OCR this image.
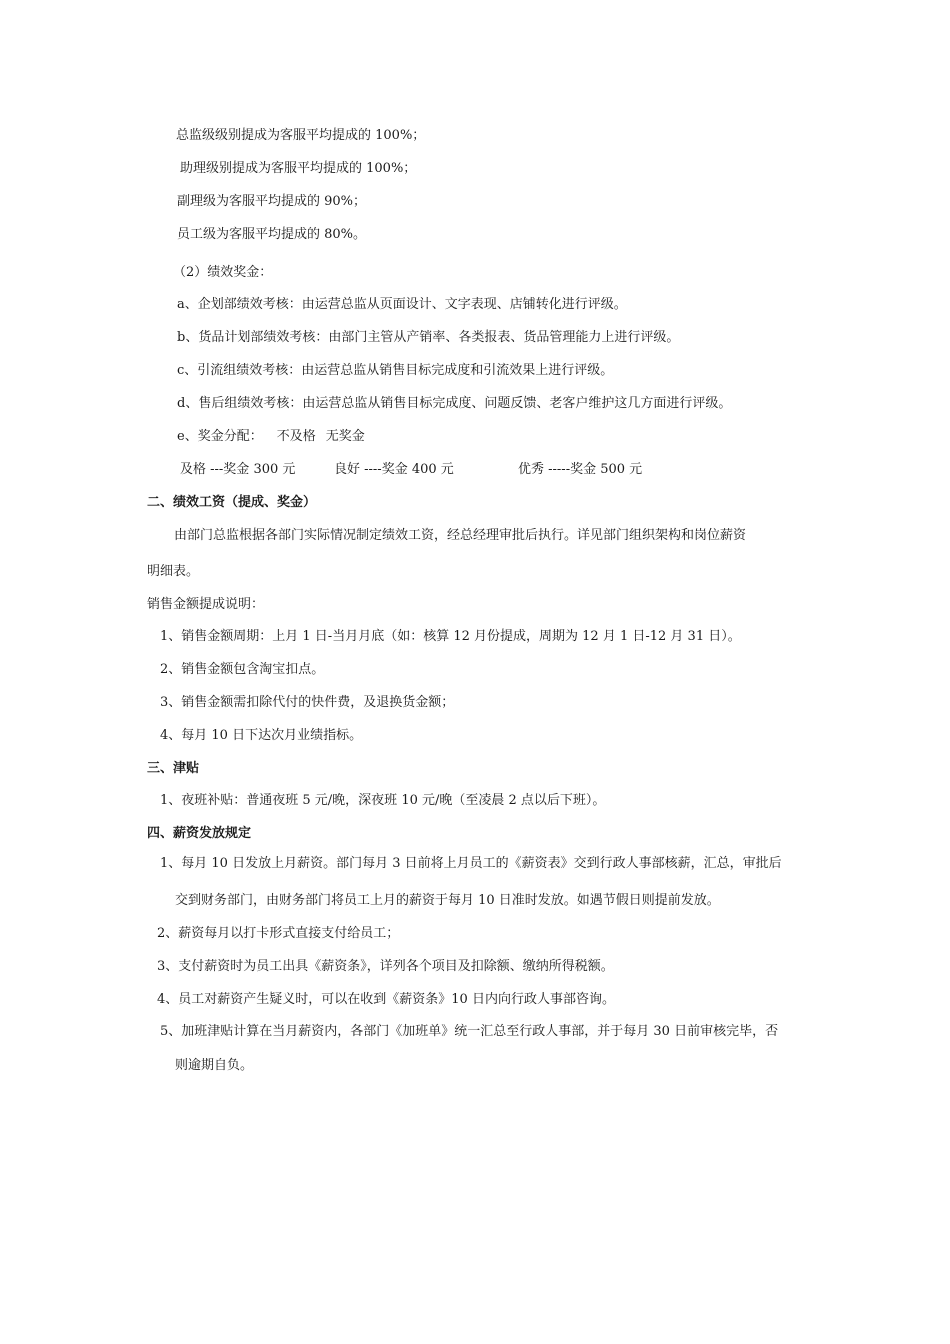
总监级级别提成为客服平均提成的 100%；
助理级别提成为客服平均提成的 100%；
副理级为客服平均提成的 90%；
员工级为客服平均提成的 80%。
（2）绩效奖金：
a、企划部绩效考核：由运营总监从页面设计、文字表现、店铺转化进行评级。
b、货品计划部绩效考核：由部门主管从产销率、各类报表、货品管理能力上进行评级。
c、引流组绩效考核：由运营总监从销售目标完成度和引流效果上进行评级。
d、售后组绩效考核：由运营总监从销售目标完成度、问题反馈、老客户维护这几方面进行评级。
e、奖金分配： 不及格 无奖金
及格 ---奖金 300 元	良好 ----奖金 400 元	优秀 -----奖金 500 元
二、绩效工资（提成、奖金）
由部门总监根据各部门实际情况制定绩效工资，经总经理审批后执行。详见部门组织架构和岗位薪资
明细表。
销售金额提成说明：
1、销售金额周期：上月 1 日-当月月底（如：核算 12 月份提成，周期为 12 月 1 日-12 月 31 日）。
2、销售金额包含淘宝扣点。
3、销售金额需扣除代付的快件费，及退换货金额；
4、每月 10 日下达次月业绩指标。
三、津贴
1、夜班补贴：普通夜班 5 元/晚，深夜班 10 元/晚（至凌晨 2 点以后下班）。
四、薪资发放规定
1、每月 10 日发放上月薪资。部门每月 3 日前将上月员工的《薪资表》交到行政人事部核薪，汇总，审批后
交到财务部门，由财务部门将员工上月的薪资于每月 10 日准时发放。如遇节假日则提前发放。
2、薪资每月以打卡形式直接支付给员工；
3、支付薪资时为员工出具《薪资条》，详列各个项目及扣除额、缴纳所得税额。
4、员工对薪资产生疑义时，可以在收到《薪资条》10 日内向行政人事部咨询。
5、加班津贴计算在当月薪资内，各部门《加班单》统一汇总至行政人事部，并于每月 30 日前审核完毕，否
则逾期自负。
